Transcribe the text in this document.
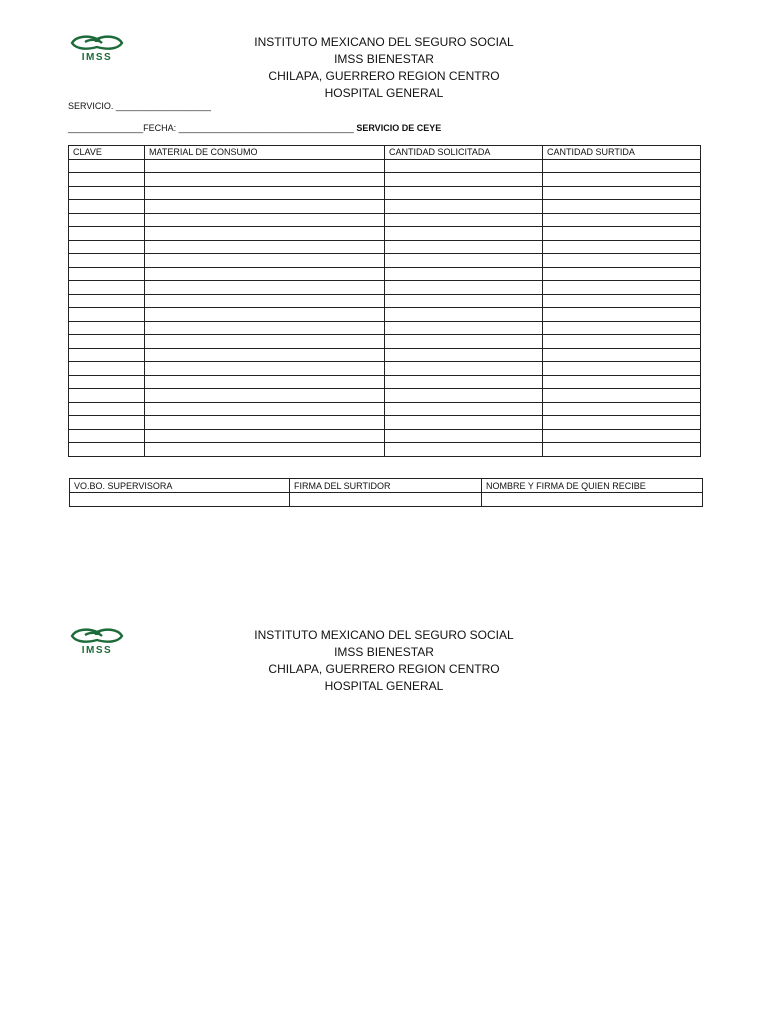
IMSS
INSTITUTO MEXICANO DEL SEGURO SOCIAL
IMSS BIENESTAR
CHILAPA, GUERRERO REGION CENTRO
HOSPITAL GENERAL
SERVICIO. ___________________
_______________FECHA: ___________________________________ SERVICIO DE CEYE
CLAVE	MATERIAL DE CONSUMO	CANTIDAD SOLICITADA	CANTIDAD SURTIDA

VO.BO. SUPERVISORA	FIRMA DEL SURTIDOR	NOMBRE Y FIRMA DE QUIEN RECIBE

IMSS
INSTITUTO MEXICANO DEL SEGURO SOCIAL
IMSS BIENESTAR
CHILAPA, GUERRERO REGION CENTRO
HOSPITAL GENERAL
